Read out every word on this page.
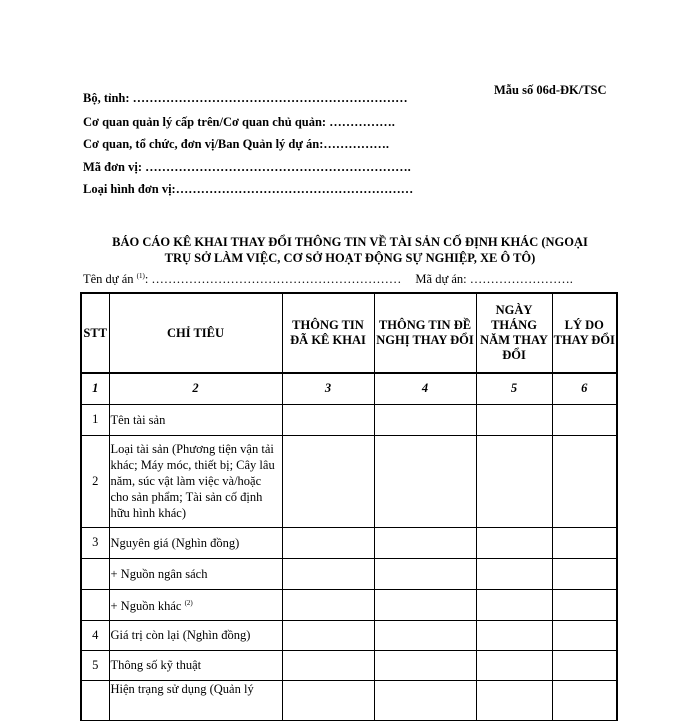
Mẫu số 06d-ĐK/TSC
Bộ, tỉnh: …………………………………………………………
Cơ quan quản lý cấp trên/Cơ quan chủ quản: …………….
Cơ quan, tổ chức, đơn vị/Ban Quản lý dự án:…………….
Mã đơn vị: ……………………………………………………….
Loại hình đơn vị:…………………………………………………
BÁO CÁO KÊ KHAI THAY ĐỔI THÔNG TIN VỀ TÀI SẢN CỐ ĐỊNH KHÁC (NGOẠI
TRỤ SỞ LÀM VIỆC, CƠ SỞ HOẠT ĐỘNG SỰ NGHIỆP, XE Ô TÔ)
Tên dự án $^{(1)}$: …………………………………………………… Mã dự án: …………………….
STT	CHỈ TIÊU	THÔNG TIN ĐÃ KÊ KHAI	THÔNG TIN ĐỀ NGHỊ THAY ĐỔI	NGÀY THÁNG NĂM THAY ĐỔI	LÝ DO THAY ĐỔI
1	2	3	4	5	6
1	Tên tài sản				
2	Loại tài sản (Phương tiện vận tải khác; Máy móc, thiết bị; Cây lâu năm, súc vật làm việc và/hoặc cho sản phẩm; Tài sản cố định hữu hình khác)				
3	Nguyên giá (Nghìn đồng)				
	+ Nguồn ngân sách				
	+ Nguồn khác $^{(2)}$				
4	Giá trị còn lại (Nghìn đồng)				
5	Thông số kỹ thuật				
	Hiện trạng sử dụng (Quản lý				
